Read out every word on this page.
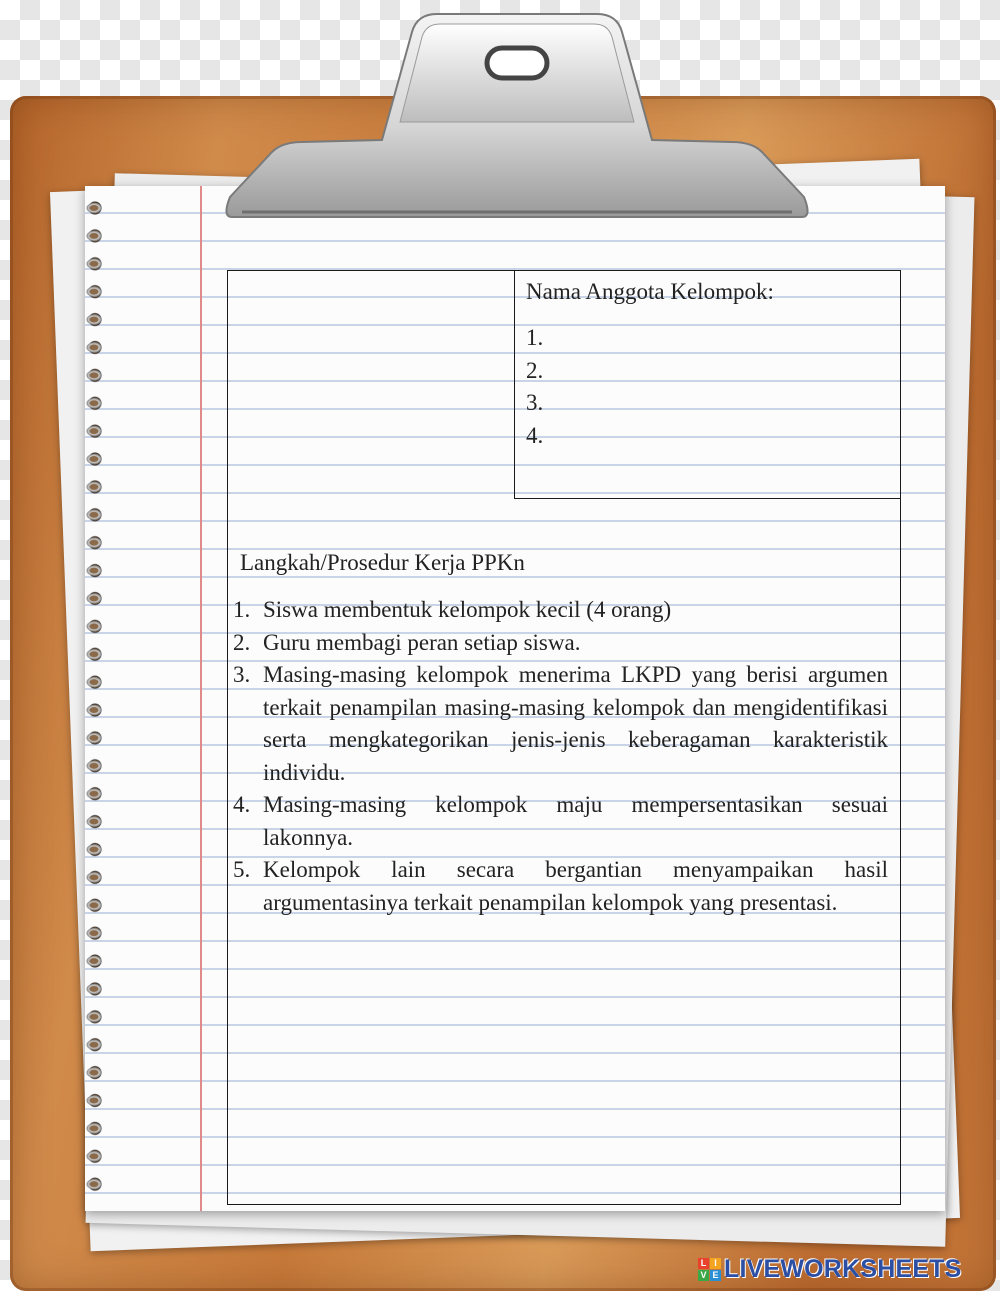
Nama Anggota Kelompok:
1.
2.
3.
4.
Langkah/Prosedur Kerja PPKn
1. Siswa membentuk kelompok kecil (4 orang)
2. Guru membagi peran setiap siswa.
3. Masing-masing kelompok menerima LKPD yang berisi argumen terkait penampilan masing-masing kelompok dan mengidentifikasi serta mengkategorikan jenis-jenis keberagaman karakteristik individu.
4. Masing-masing kelompok maju mempersentasikan sesuai lakonnya.
5. Kelompok lain secara bergantian menyampaikan hasil argumentasinya terkait penampilan kelompok yang presentasi.
L I
V E LIVEWORKSHEETS
